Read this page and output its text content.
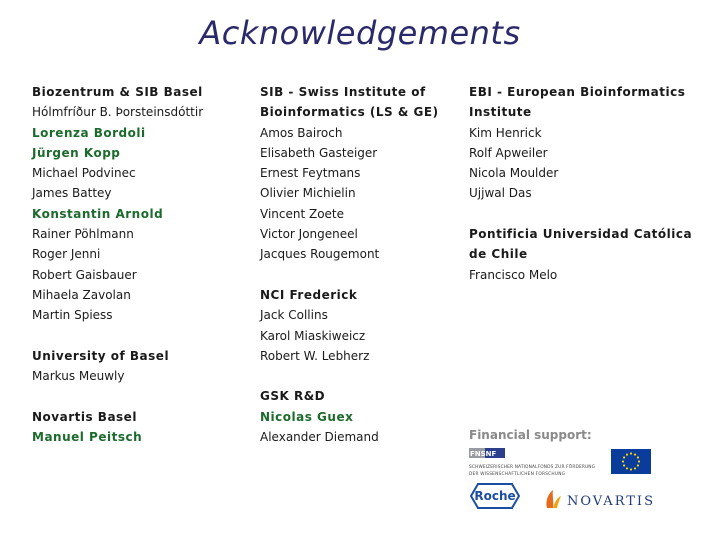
Acknowledgements
Biozentrum & SIB Basel
Hólmfríður B. Þorsteinsdóttir
Lorenza Bordoli
Jürgen Kopp
Michael Podvinec
James Battey
Konstantin Arnold
Rainer Pöhlmann
Roger Jenni
Robert Gaisbauer
Mihaela Zavolan
Martin Spiess
University of Basel
Markus Meuwly
Novartis Basel
Manuel Peitsch
SIB - Swiss Institute of
Bioinformatics (LS & GE)
Amos Bairoch
Elisabeth Gasteiger
Ernest Feytmans
Olivier Michielin
Vincent Zoete
Victor Jongeneel
Jacques Rougemont
NCI Frederick
Jack Collins
Karol Miaskiweicz
Robert W. Lebherz
GSK R&D
Nicolas Guex
Alexander Diemand
EBI - European Bioinformatics
Institute
Kim Henrick
Rolf Apweiler
Nicola Moulder
Ujjwal Das
Pontificia Universidad Católica
de Chile
Francisco Melo
Financial support:
FNSNF
SCHWEIZERISCHER NATIONALFONDS ZUR FÖRDERUNG
DER WISSENSCHAFTLICHEN FORSCHUNG
Roche	NOVARTIS
